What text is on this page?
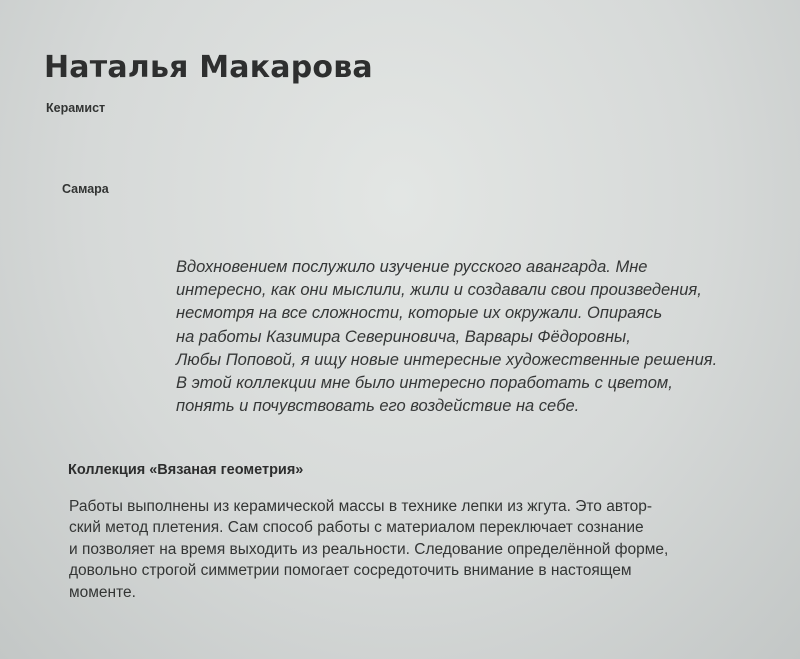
Наталья Макарова
Керамист
Самара

Вдохновением послужило изучение русского авангарда. Мне
интересно, как они мыслили, жили и создавали свои произведения,
несмотря на все сложности, которые их окружали. Опираясь
на работы Казимира Севериновича, Варвары Фёдоровны,
Любы Поповой, я ищу новые интересные художественные решения.
В этой коллекции мне было интересно поработать с цветом,
понять и почувствовать его воздействие на себе.

Коллекция «Вязаная геометрия»

Работы выполнены из керамической массы в технике лепки из жгута. Это автор-
ский метод плетения. Сам способ работы с материалом переключает сознание
и позволяет на время выходить из реальности. Следование определённой форме,
довольно строгой симметрии помогает сосредоточить внимание в настоящем
моменте.
